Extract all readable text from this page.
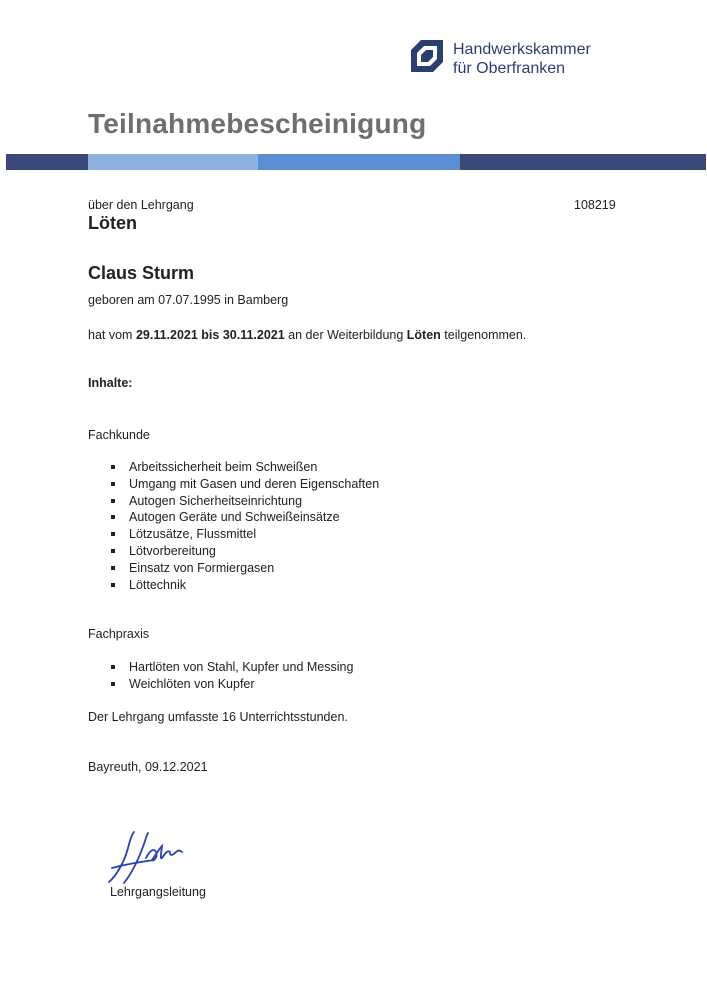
Handwerkskammer
für Oberfranken
Teilnahmebescheinigung
über den Lehrgang	108219
Löten
Claus Sturm
geboren am 07.07.1995 in Bamberg
hat vom 29.11.2021 bis 30.11.2021 an der Weiterbildung Löten teilgenommen.
Inhalte:
Fachkunde
Arbeitssicherheit beim Schweißen
Umgang mit Gasen und deren Eigenschaften
Autogen Sicherheitseinrichtung
Autogen Geräte und Schweißeinsätze
Lötzusätze, Flussmittel
Lötvorbereitung
Einsatz von Formiergasen
Löttechnik
Fachpraxis
Hartlöten von Stahl, Kupfer und Messing
Weichlöten von Kupfer
Der Lehrgang umfasste 16 Unterrichtsstunden.
Bayreuth, 09.12.2021
Lehrgangsleitung
